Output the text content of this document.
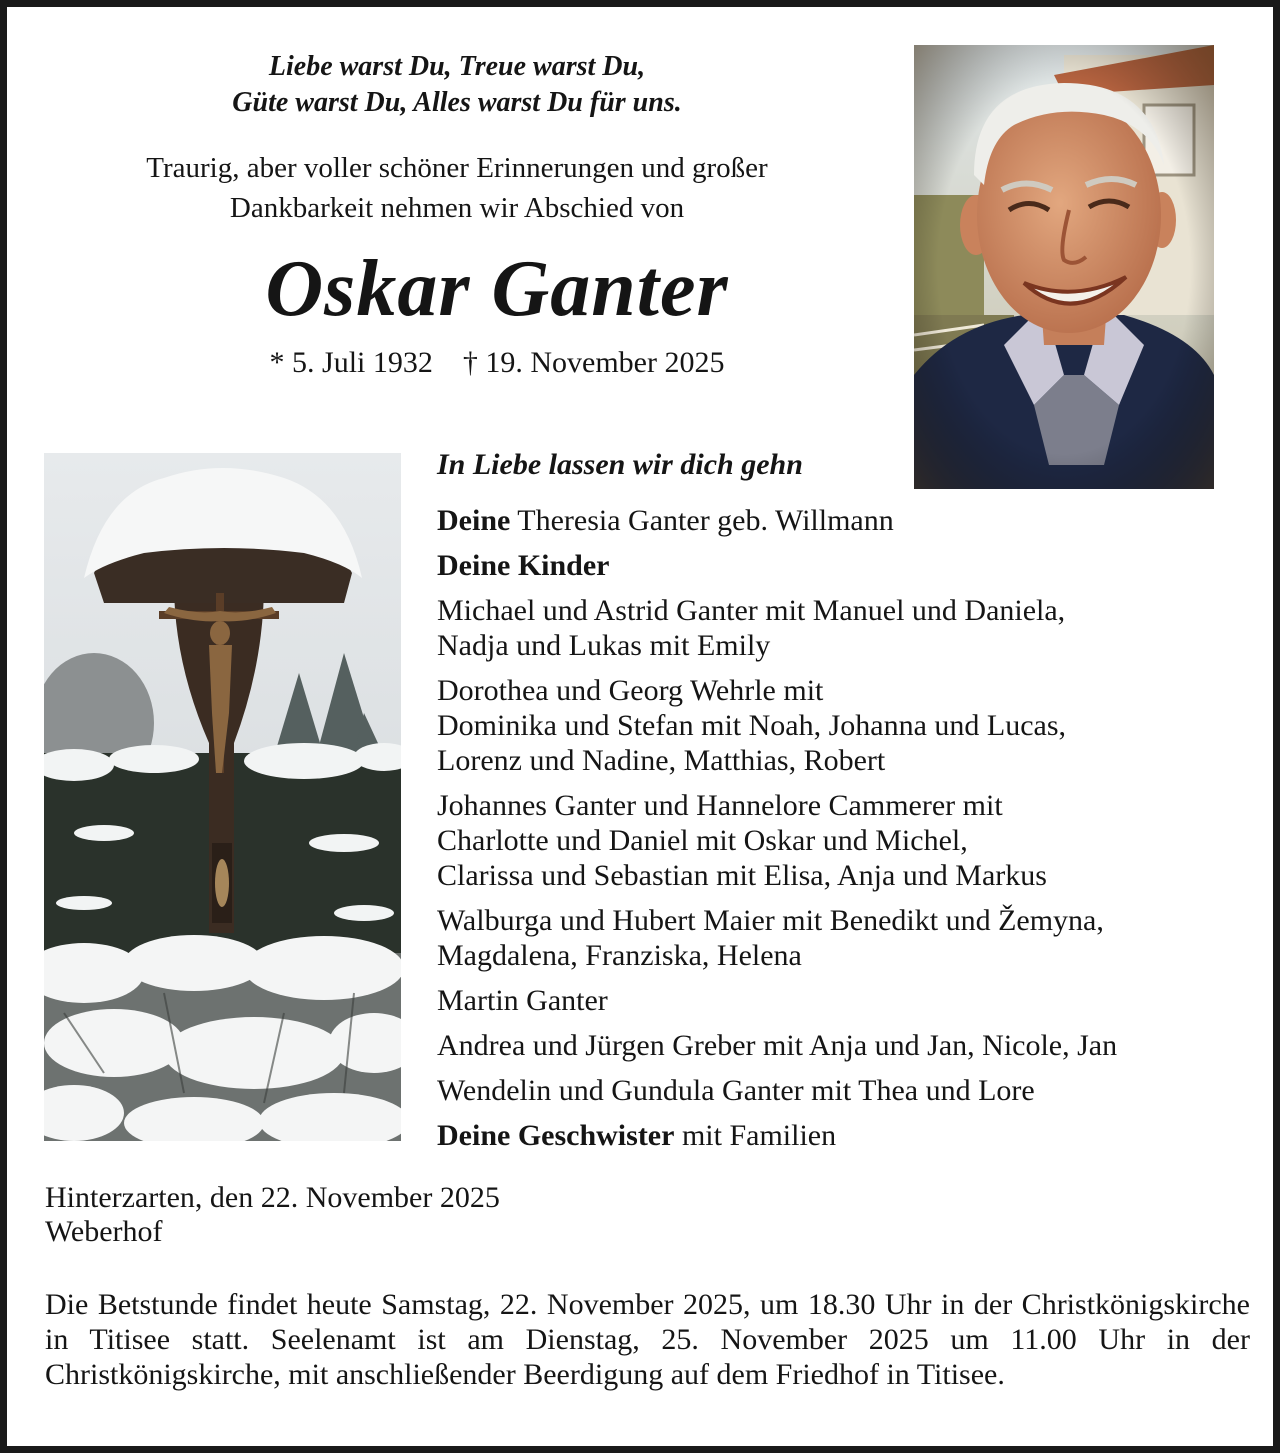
Liebe warst Du, Treue warst Du,
Güte warst Du, Alles warst Du für uns.
Traurig, aber voller schöner Erinnerungen und großer
Dankbarkeit nehmen wir Abschied von
Oskar Ganter
* 5. Juli 1932    † 19. November 2025
In Liebe lassen wir dich gehn
Deine Theresia Ganter geb. Willmann
Deine Kinder
Michael und Astrid Ganter mit Manuel und Daniela,
Nadja und Lukas mit Emily
Dorothea und Georg Wehrle mit
Dominika und Stefan mit Noah, Johanna und Lucas,
Lorenz und Nadine, Matthias, Robert
Johannes Ganter und Hannelore Cammerer mit
Charlotte und Daniel mit Oskar und Michel,
Clarissa und Sebastian mit Elisa, Anja und Markus
Walburga und Hubert Maier mit Benedikt und Žemyna,
Magdalena, Franziska, Helena
Martin Ganter
Andrea und Jürgen Greber mit Anja und Jan, Nicole, Jan
Wendelin und Gundula Ganter mit Thea und Lore
Deine Geschwister mit Familien
Hinterzarten, den 22. November 2025
Weberhof
Die Betstunde findet heute Samstag, 22. November 2025, um 18.30 Uhr in der Christkönigskirche in Titisee statt. Seelenamt ist am Dienstag, 25. November 2025 um 11.00 Uhr in der Christkönigskirche, mit anschließender Beerdigung auf dem Friedhof in Titisee.
